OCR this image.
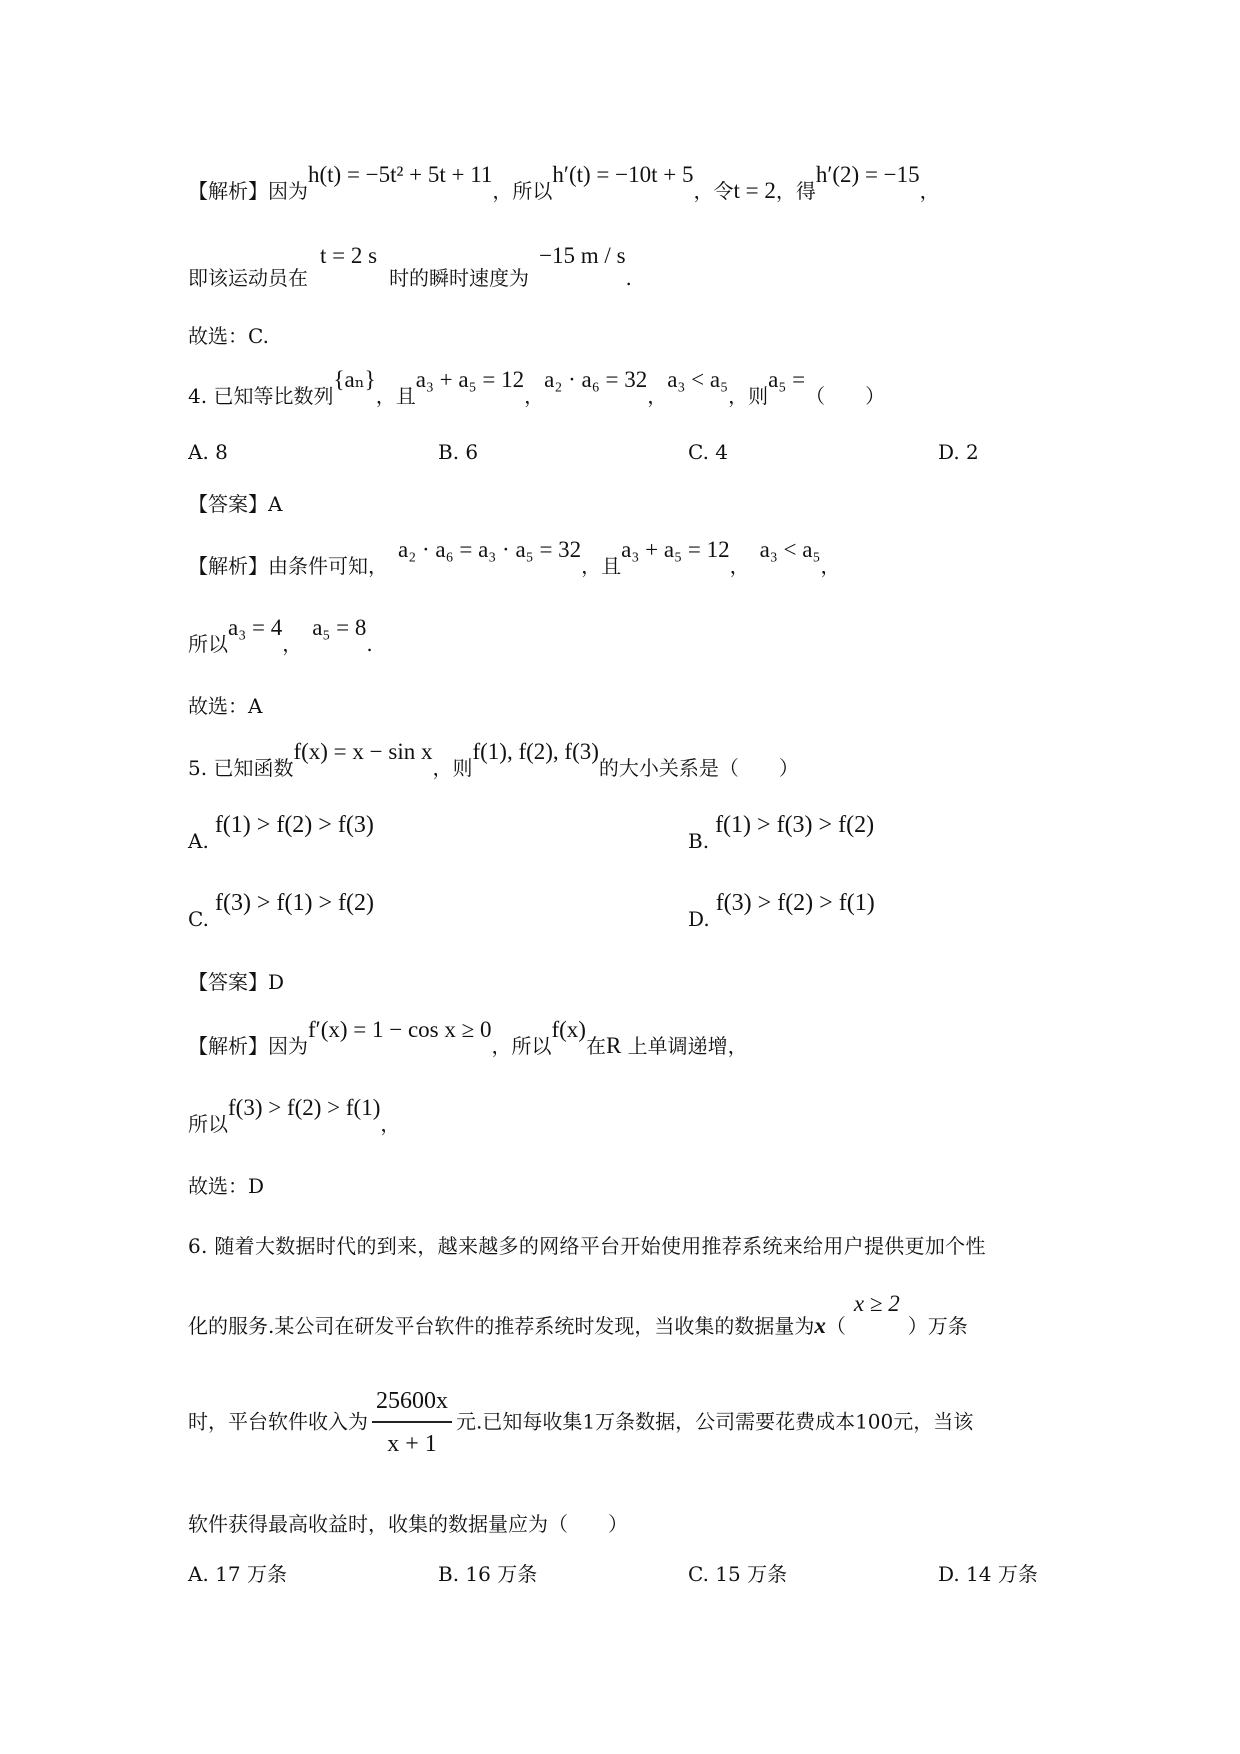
【解析】因为h(t) = −5t² + 5t + 11，所以h′(t) = −10t + 5，令t = 2，得h′(2) = −15，
即该运动员在t = 2 s时的瞬时速度为−15 m / s.
故选：C.
4. 已知等比数列{aₙ}，且a₃ + a₅ = 12，a₂ · a₆ = 32，a₃ < a₅，则a₅ =（　　）
A. 8	B. 6	C. 4	D. 2
【答案】A
【解析】由条件可知，a₂ · a₆ = a₃ · a₅ = 32，且a₃ + a₅ = 12，a₃ < a₅，
所以a₃ = 4，a₅ = 8.
故选：A
5. 已知函数f(x) = x − sin x，则f(1), f(2), f(3)的大小关系是（　　）
A.f(1) > f(2) > f(3)
B.f(1) > f(3) > f(2)
C.f(3) > f(1) > f(2)
D.f(3) > f(2) > f(1)
【答案】D
【解析】因为f′(x) = 1 − cos x ≥ 0，所以f(x)在R 上单调递增，
所以f(3) > f(2) > f(1)，
故选：D
6. 随着大数据时代的到来，越来越多的网络平台开始使用推荐系统来给用户提供更加个性
化的服务.某公司在研发平台软件的推荐系统时发现，当收集的数据量为x（x ≥ 2）万条
时，平台软件收入为 $\frac{25600x}{x + 1}$ 元.已知每收集1万条数据，公司需要花费成本100元，当该
软件获得最高收益时，收集的数据量应为（　　）
A. 17 万条	B. 16 万条	C. 15 万条	D. 14 万条
